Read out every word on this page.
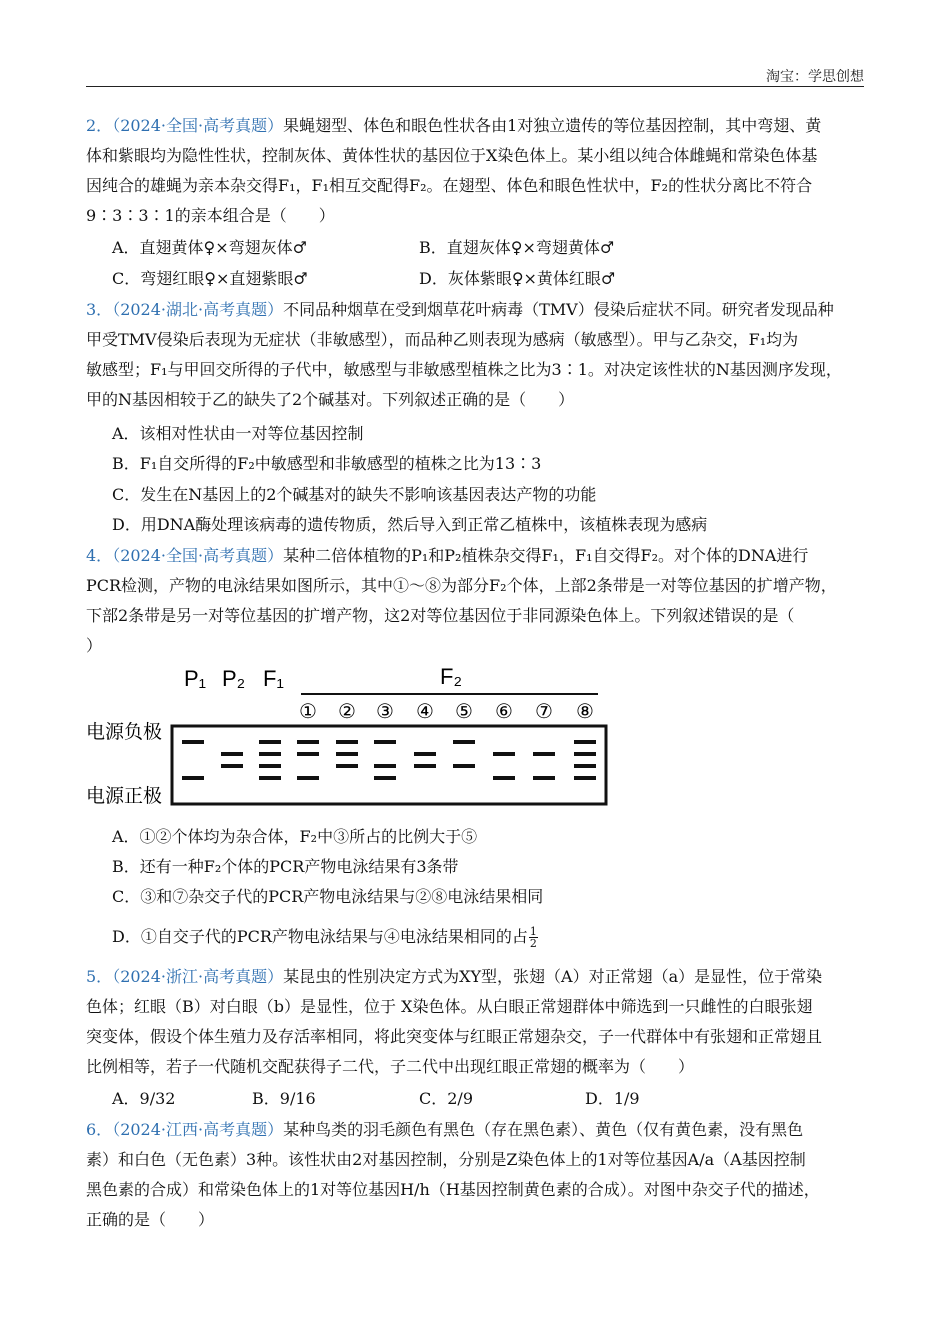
淘宝：学思创想
2．（2024·全国·高考真题）果蝇翅型、体色和眼色性状各由1对独立遗传的等位基因控制，其中弯翅、黄
体和紫眼均为隐性性状，控制灰体、黄体性状的基因位于X染色体上。某小组以纯合体雌蝇和常染色体基
因纯合的雄蝇为亲本杂交得F₁，F₁相互交配得F₂。在翅型、体色和眼色性状中，F₂的性状分离比不符合
9∶3∶3∶1的亲本组合是（　　）
A．直翅黄体♀×弯翅灰体♂	B．直翅灰体♀×弯翅黄体♂
C．弯翅红眼♀×直翅紫眼♂	D．灰体紫眼♀×黄体红眼♂
3．（2024·湖北·高考真题）不同品种烟草在受到烟草花叶病毒（TMV）侵染后症状不同。研究者发现品种
甲受TMV侵染后表现为无症状（非敏感型），而品种乙则表现为感病（敏感型）。甲与乙杂交，F₁均为
敏感型；F₁与甲回交所得的子代中，敏感型与非敏感型植株之比为3∶1。对决定该性状的N基因测序发现，
甲的N基因相较于乙的缺失了2个碱基对。下列叙述正确的是（　　）
A．该相对性状由一对等位基因控制
B．F₁自交所得的F₂中敏感型和非敏感型的植株之比为13∶3
C．发生在N基因上的2个碱基对的缺失不影响该基因表达产物的功能
D．用DNA酶处理该病毒的遗传物质，然后导入到正常乙植株中，该植株表现为感病
4．（2024·全国·高考真题）某种二倍体植物的P₁和P₂植株杂交得F₁，F₁自交得F₂。对个体的DNA进行
PCR检测，产物的电泳结果如图所示，其中①～⑧为部分F₂个体，上部2条带是一对等位基因的扩增产物，
下部2条带是另一对等位基因的扩增产物，这2对等位基因位于非同源染色体上。下列叙述错误的是（
）
P₁ P₂ F₁	F₂
① ② ③ ④ ⑤ ⑥ ⑦ ⑧
电源负极
电源正极
A．①②个体均为杂合体，F₂中③所占的比例大于⑤
B．还有一种F₂个体的PCR产物电泳结果有3条带
C．③和⑦杂交子代的PCR产物电泳结果与②⑧电泳结果相同
D．①自交子代的PCR产物电泳结果与④电泳结果相同的占 $\frac{1}{2}$
5．（2024·浙江·高考真题）某昆虫的性别决定方式为XY型，张翅（A）对正常翅（a）是显性，位于常染
色体；红眼（B）对白眼（b）是显性，位于 X染色体。从白眼正常翅群体中筛选到一只雌性的白眼张翅
突变体，假设个体生殖力及存活率相同，将此突变体与红眼正常翅杂交，子一代群体中有张翅和正常翅且
比例相等，若子一代随机交配获得子二代，子二代中出现红眼正常翅的概率为（　　）
A．9/32	B．9/16	C．2/9	D．1/9
6．（2024·江西·高考真题）某种鸟类的羽毛颜色有黑色（存在黑色素）、黄色（仅有黄色素，没有黑色
素）和白色（无色素）3种。该性状由2对基因控制，分别是Z染色体上的1对等位基因A/a（A基因控制
黑色素的合成）和常染色体上的1对等位基因H/h（H基因控制黄色素的合成）。对图中杂交子代的描述，
正确的是（　　）
